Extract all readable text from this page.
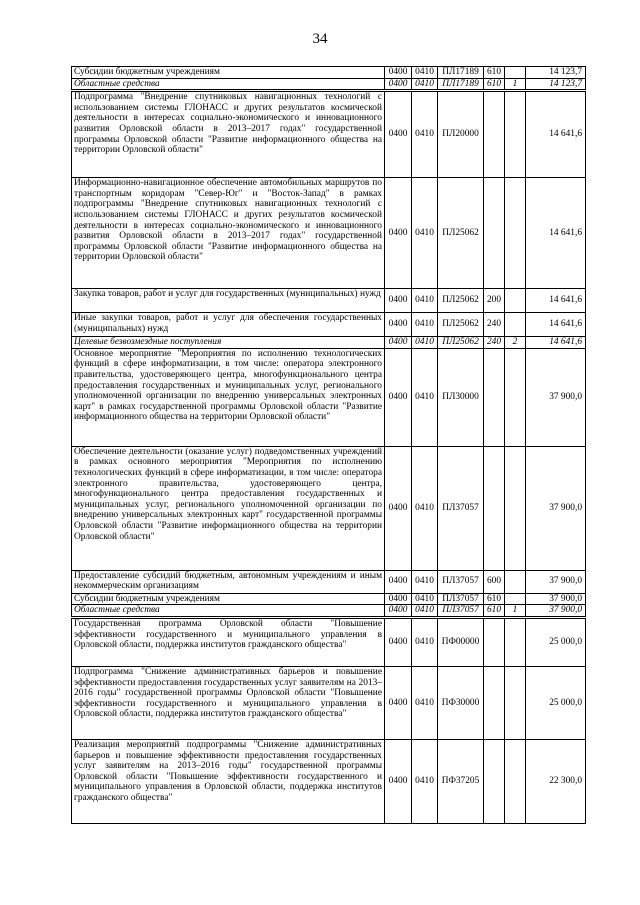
34
Субсидии бюджетным учреждениям	0400	0410	ПЛ17189	610		14 123,7
Областные средства	0400	0410	ПЛ17189	610	1	14 123,7
Подпрограмма "Внедрение спутниковых навигационных технологий с использованием системы ГЛОНАСС и других результатов космической деятельности в интересах социально-экономического и инновационного развития Орловской области в 2013–2017 годах" государственной программы Орловской области "Развитие информационного общества на территории Орловской области"	0400	0410	ПЛ20000			14 641,6
Информационно-навигационное обеспечение автомобильных маршрутов по транспортным коридорам "Север-Юг" и "Восток-Запад" в рамках подпрограммы "Внедрение спутниковых навигационных технологий с использованием системы ГЛОНАСС и других результатов космической деятельности в интересах социально-экономического и инновационного развития Орловской области в 2013–2017 годах" государственной программы Орловской области "Развитие информационного общества на территории Орловской области"	0400	0410	ПЛ25062			14 641,6
Закупка товаров, работ и услуг для государственных (муниципальных) нужд	0400	0410	ПЛ25062	200		14 641,6
Иные закупки товаров, работ и услуг для обеспечения государственных (муниципальных) нужд	0400	0410	ПЛ25062	240		14 641,6
Целевые безвозмездные поступления	0400	0410	ПЛ25062	240	2	14 641,6
Основное мероприятие "Мероприятия по исполнению технологических функций в сфере информатизации, в том числе: оператора электронного правительства, удостоверяющего центра, многофункционального центра предоставления государственных и муниципальных услуг, регионального уполномоченной организации по внедрению универсальных электронных карт" в рамках государственной программы Орловской области "Развитие информационного общества на территории Орловской области"	0400	0410	ПЛ30000			37 900,0
Обеспечение деятельности (оказание услуг) подведомственных учреждений в рамках основного мероприятия "Мероприятия по исполнению технологических функций в сфере информатизации, в том числе: оператора электронного правительства, удостоверяющего центра, многофункционального центра предоставления государственных и муниципальных услуг, регионального уполномоченной организации по внедрению универсальных электронных карт" государственной программы Орловской области "Развитие информационного общества на территории Орловской области"	0400	0410	ПЛ37057			37 900,0
Предоставление субсидий бюджетным, автономным учреждениям и иным некоммерческим организациям	0400	0410	ПЛ37057	600		37 900,0
Субсидии бюджетным учреждениям	0400	0410	ПЛ37057	610		37 900,0
Областные средства	0400	0410	ПЛ37057	610	1	37 900,0
Государственная программа Орловской области "Повышение эффективности государственного и муниципального управления в Орловской области, поддержка институтов гражданского общества"	0400	0410	ПФ00000			25 000,0
Подпрограмма "Снижение административных барьеров и повышение эффективности предоставления государственных услуг заявителям на 2013–2016 годы" государственной программы Орловской области "Повышение эффективности государственного и муниципального управления в Орловской области, поддержка институтов гражданского общества"	0400	0410	ПФ30000			25 000,0
Реализация мероприятий подпрограммы "Снижение административных барьеров и повышение эффективности предоставления государственных услуг заявителям на 2013–2016 годы" государственной программы Орловской области "Повышение эффективности государственного и муниципального управления в Орловской области, поддержка институтов гражданского общества"	0400	0410	ПФ37205			22 300,0
